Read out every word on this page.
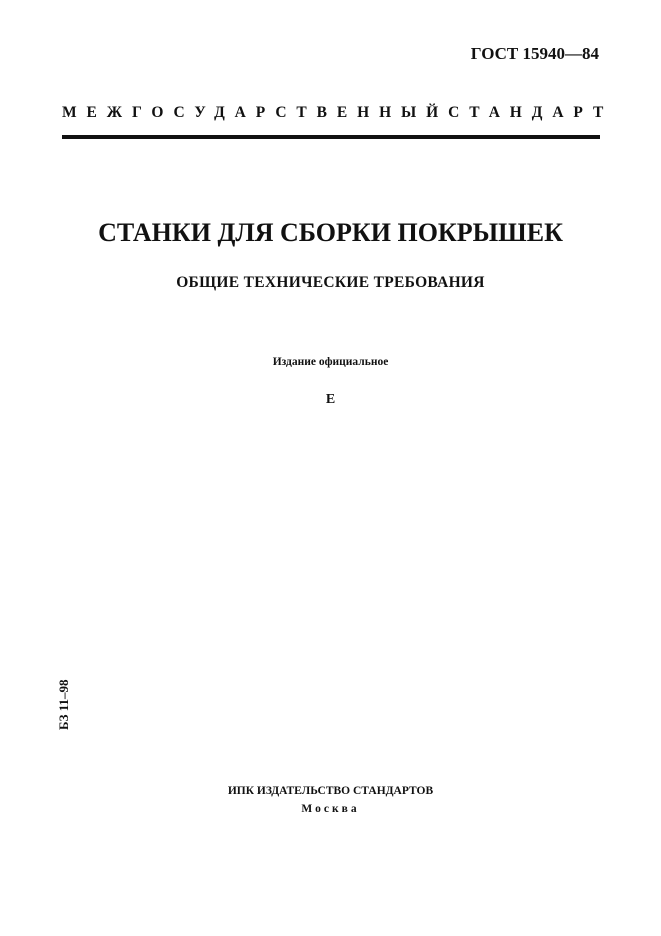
ГОСТ 15940—84
МЕЖГОСУДАРСТВЕННЫЙ СТАНДАРТ
СТАНКИ ДЛЯ СБОРКИ ПОКРЫШЕК
ОБЩИЕ ТЕХНИЧЕСКИЕ ТРЕБОВАНИЯ
Издание официальное
Е
БЗ 11–98
ИПК ИЗДАТЕЛЬСТВО СТАНДАРТОВ
Москва
